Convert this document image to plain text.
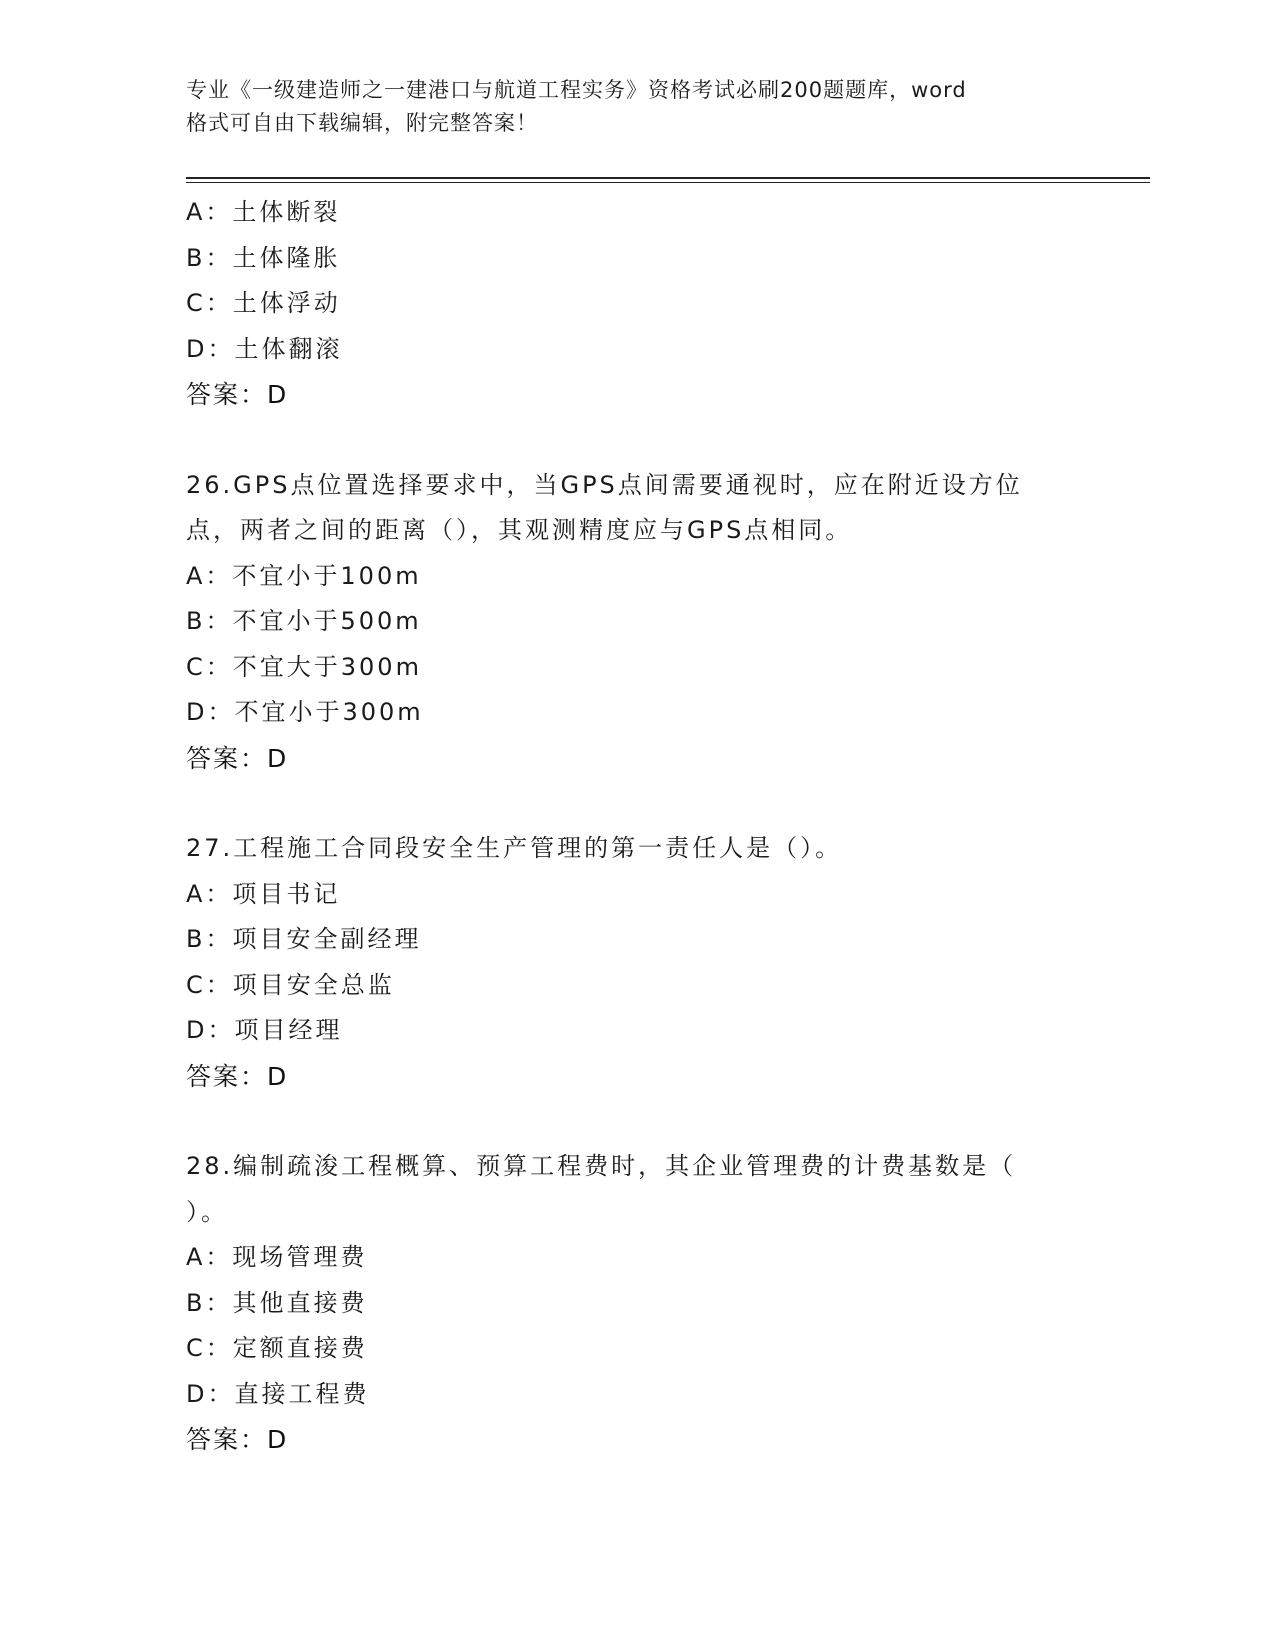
专业《一级建造师之一建港口与航道工程实务》资格考试必刷200题题库，word
格式可自由下载编辑，附完整答案！
A：土体断裂
B：土体隆胀
C：土体浮动
D：土体翻滚
答案：D
26.GPS点位置选择要求中，当GPS点间需要通视时，应在附近设方位
点，两者之间的距离（），其观测精度应与GPS点相同。
A：不宜小于100m
B：不宜小于500m
C：不宜大于300m
D：不宜小于300m
答案：D
27.工程施工合同段安全生产管理的第一责任人是（）。
A：项目书记
B：项目安全副经理
C：项目安全总监
D：项目经理
答案：D
28.编制疏浚工程概算、预算工程费时，其企业管理费的计费基数是（
）。
A：现场管理费
B：其他直接费
C：定额直接费
D：直接工程费
答案：D
